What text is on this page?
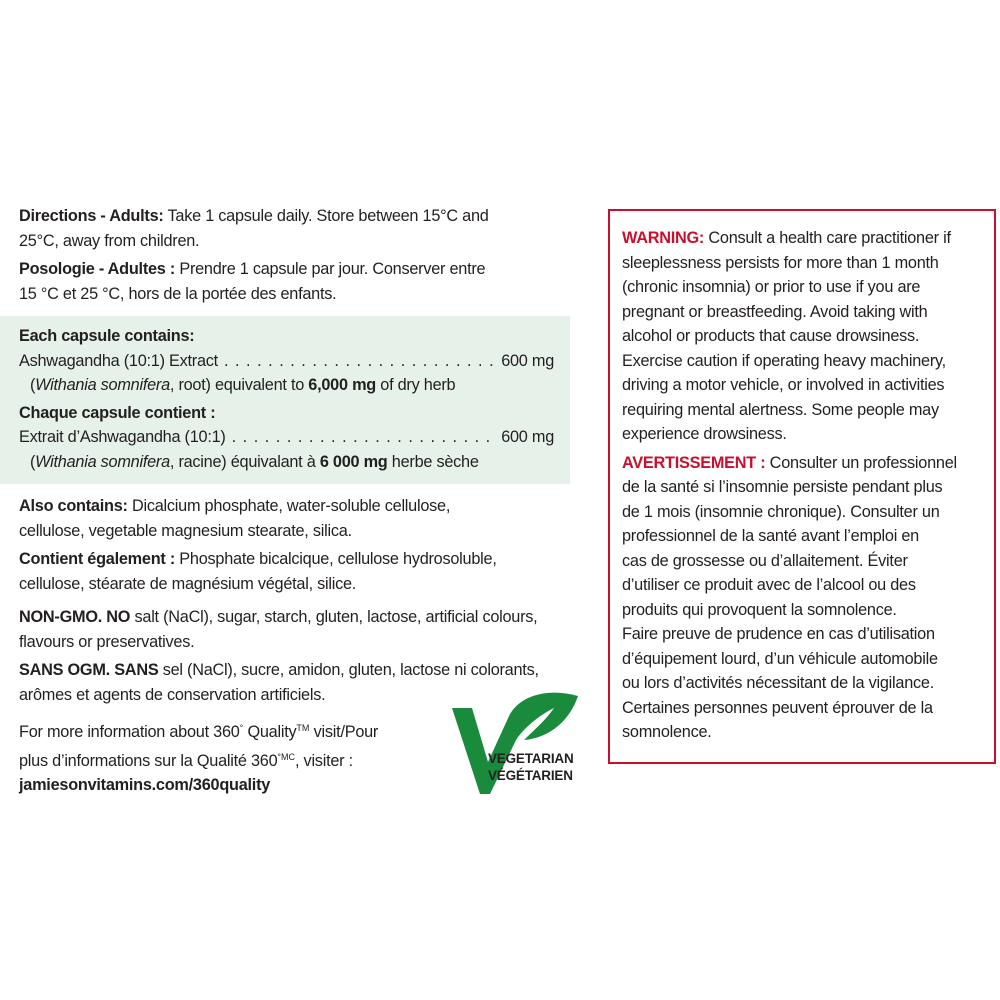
Directions - Adults: Take 1 capsule daily. Store between 15°C and

25°C, away from children.

Posologie - Adultes : Prendre 1 capsule par jour. Conserver entre

15 °C et 25 °C, hors de la portée des enfants.

Each capsule contains:

Ashwagandha (10:1) Extract . . .	600 mg

(Withania somnifera, root) equivalent to 6,000 mg of dry herb

Chaque capsule contient :

Extrait d’Ashwagandha (10:1) . . .	600 mg

(Withania somnifera, racine) équivalant à 6 000 mg herbe sèche

Also contains: Dicalcium phosphate, water-soluble cellulose,

cellulose, vegetable magnesium stearate, silica.

Contient également : Phosphate bicalcique, cellulose hydrosoluble,

cellulose, stéarate de magnésium végétal, silice.

NON-GMO. NO salt (NaCl), sugar, starch, gluten, lactose, artificial colours,

flavours or preservatives.

SANS OGM. SANS sel (NaCl), sucre, amidon, gluten, lactose ni colorants,

arômes et agents de conservation artificiels.

For more information about 360° Quality™ visit/Pour

plus d’informations sur la Qualité $360^{^\circ MC}$, visiter :

jamiesonvitamins.com/360quality

VEGETARIAN
VÉGÉTARIEN

WARNING: Consult a health care practitioner if

sleeplessness persists for more than 1 month

(chronic insomnia) or prior to use if you are

pregnant or breastfeeding. Avoid taking with

alcohol or products that cause drowsiness.

Exercise caution if operating heavy machinery,

driving a motor vehicle, or involved in activities

requiring mental alertness. Some people may

experience drowsiness.

AVERTISSEMENT : Consulter un professionnel

de la santé si l’insomnie persiste pendant plus

de 1 mois (insomnie chronique). Consulter un

professionnel de la santé avant l’emploi en

cas de grossesse ou d’allaitement. Éviter

d’utiliser ce produit avec de l’alcool ou des

produits qui provoquent la somnolence.

Faire preuve de prudence en cas d’utilisation

d’équipement lourd, d’un véhicule automobile

ou lors d’activités nécessitant de la vigilance.

Certaines personnes peuvent éprouver de la

somnolence.
